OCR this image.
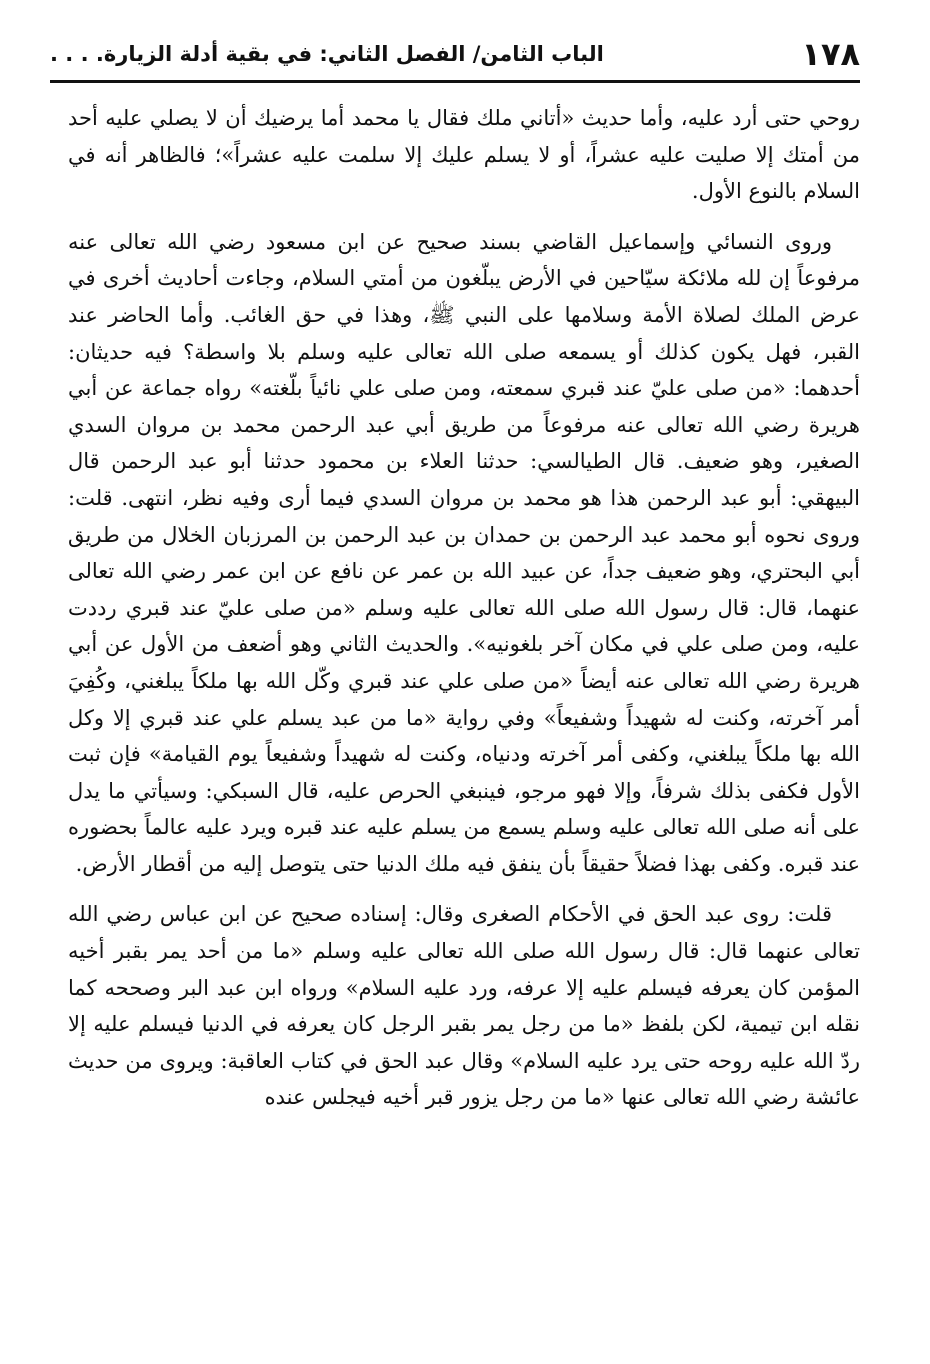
١٧٨
الباب الثامن/ الفصل الثاني: في بقية أدلة الزيارة. . . .

روحي حتى أرد عليه، وأما حديث «أتاني ملك فقال يا محمد أما يرضيك أن لا يصلي عليه أحد من أمتك إلا صليت عليه عشراً، أو لا يسلم عليك إلا سلمت عليه عشراً»؛ فالظاهر أنه في السلام بالنوع الأول.

وروى النسائي وإسماعيل القاضي بسند صحيح عن ابن مسعود رضي الله تعالى عنه مرفوعاً إن لله ملائكة سيّاحين في الأرض يبلّغون من أمتي السلام، وجاءت أحاديث أخرى في عرض الملك لصلاة الأمة وسلامها على النبي ﷺ، وهذا في حق الغائب. وأما الحاضر عند القبر، فهل يكون كذلك أو يسمعه صلى الله تعالى عليه وسلم بلا واسطة؟ فيه حديثان: أحدهما: «من صلى عليّ عند قبري سمعته، ومن صلى علي نائياً بلّغته» رواه جماعة عن أبي هريرة رضي الله تعالى عنه مرفوعاً من طريق أبي عبد الرحمن محمد بن مروان السدي الصغير، وهو ضعيف. قال الطيالسي: حدثنا العلاء بن محمود حدثنا أبو عبد الرحمن قال البيهقي: أبو عبد الرحمن هذا هو محمد بن مروان السدي فيما أرى وفيه نظر، انتهى. قلت: وروى نحوه أبو محمد عبد الرحمن بن حمدان بن عبد الرحمن بن المرزبان الخلال من طريق أبي البحتري، وهو ضعيف جداً، عن عبيد الله بن عمر عن نافع عن ابن عمر رضي الله تعالى عنهما، قال: قال رسول الله صلى الله تعالى عليه وسلم «من صلى عليّ عند قبري رددت عليه، ومن صلى علي في مكان آخر بلغونيه». والحديث الثاني وهو أضعف من الأول عن أبي هريرة رضي الله تعالى عنه أيضاً «من صلى علي عند قبري وكّل الله بها ملكاً يبلغني، وكُفِيَ أمر آخرته، وكنت له شهيداً وشفيعاً» وفي رواية «ما من عبد يسلم علي عند قبري إلا وكل الله بها ملكاً يبلغني، وكفى أمر آخرته ودنياه، وكنت له شهيداً وشفيعاً يوم القيامة» فإن ثبت الأول فكفى بذلك شرفاً، وإلا فهو مرجو، فينبغي الحرص عليه، قال السبكي: وسيأتي ما يدل على أنه صلى الله تعالى عليه وسلم يسمع من يسلم عليه عند قبره ويرد عليه عالماً بحضوره عند قبره. وكفى بهذا فضلاً حقيقاً بأن ينفق فيه ملك الدنيا حتى يتوصل إليه من أقطار الأرض.

قلت: روى عبد الحق في الأحكام الصغرى وقال: إسناده صحيح عن ابن عباس رضي الله تعالى عنهما قال: قال رسول الله صلى الله تعالى عليه وسلم «ما من أحد يمر بقبر أخيه المؤمن كان يعرفه فيسلم عليه إلا عرفه، ورد عليه السلام» ورواه ابن عبد البر وصححه كما نقله ابن تيمية، لكن بلفظ «ما من رجل يمر بقبر الرجل كان يعرفه في الدنيا فيسلم عليه إلا ردّ الله عليه روحه حتى يرد عليه السلام» وقال عبد الحق في كتاب العاقبة: ويروى من حديث عائشة رضي الله تعالى عنها «ما من رجل يزور قبر أخيه فيجلس عنده
